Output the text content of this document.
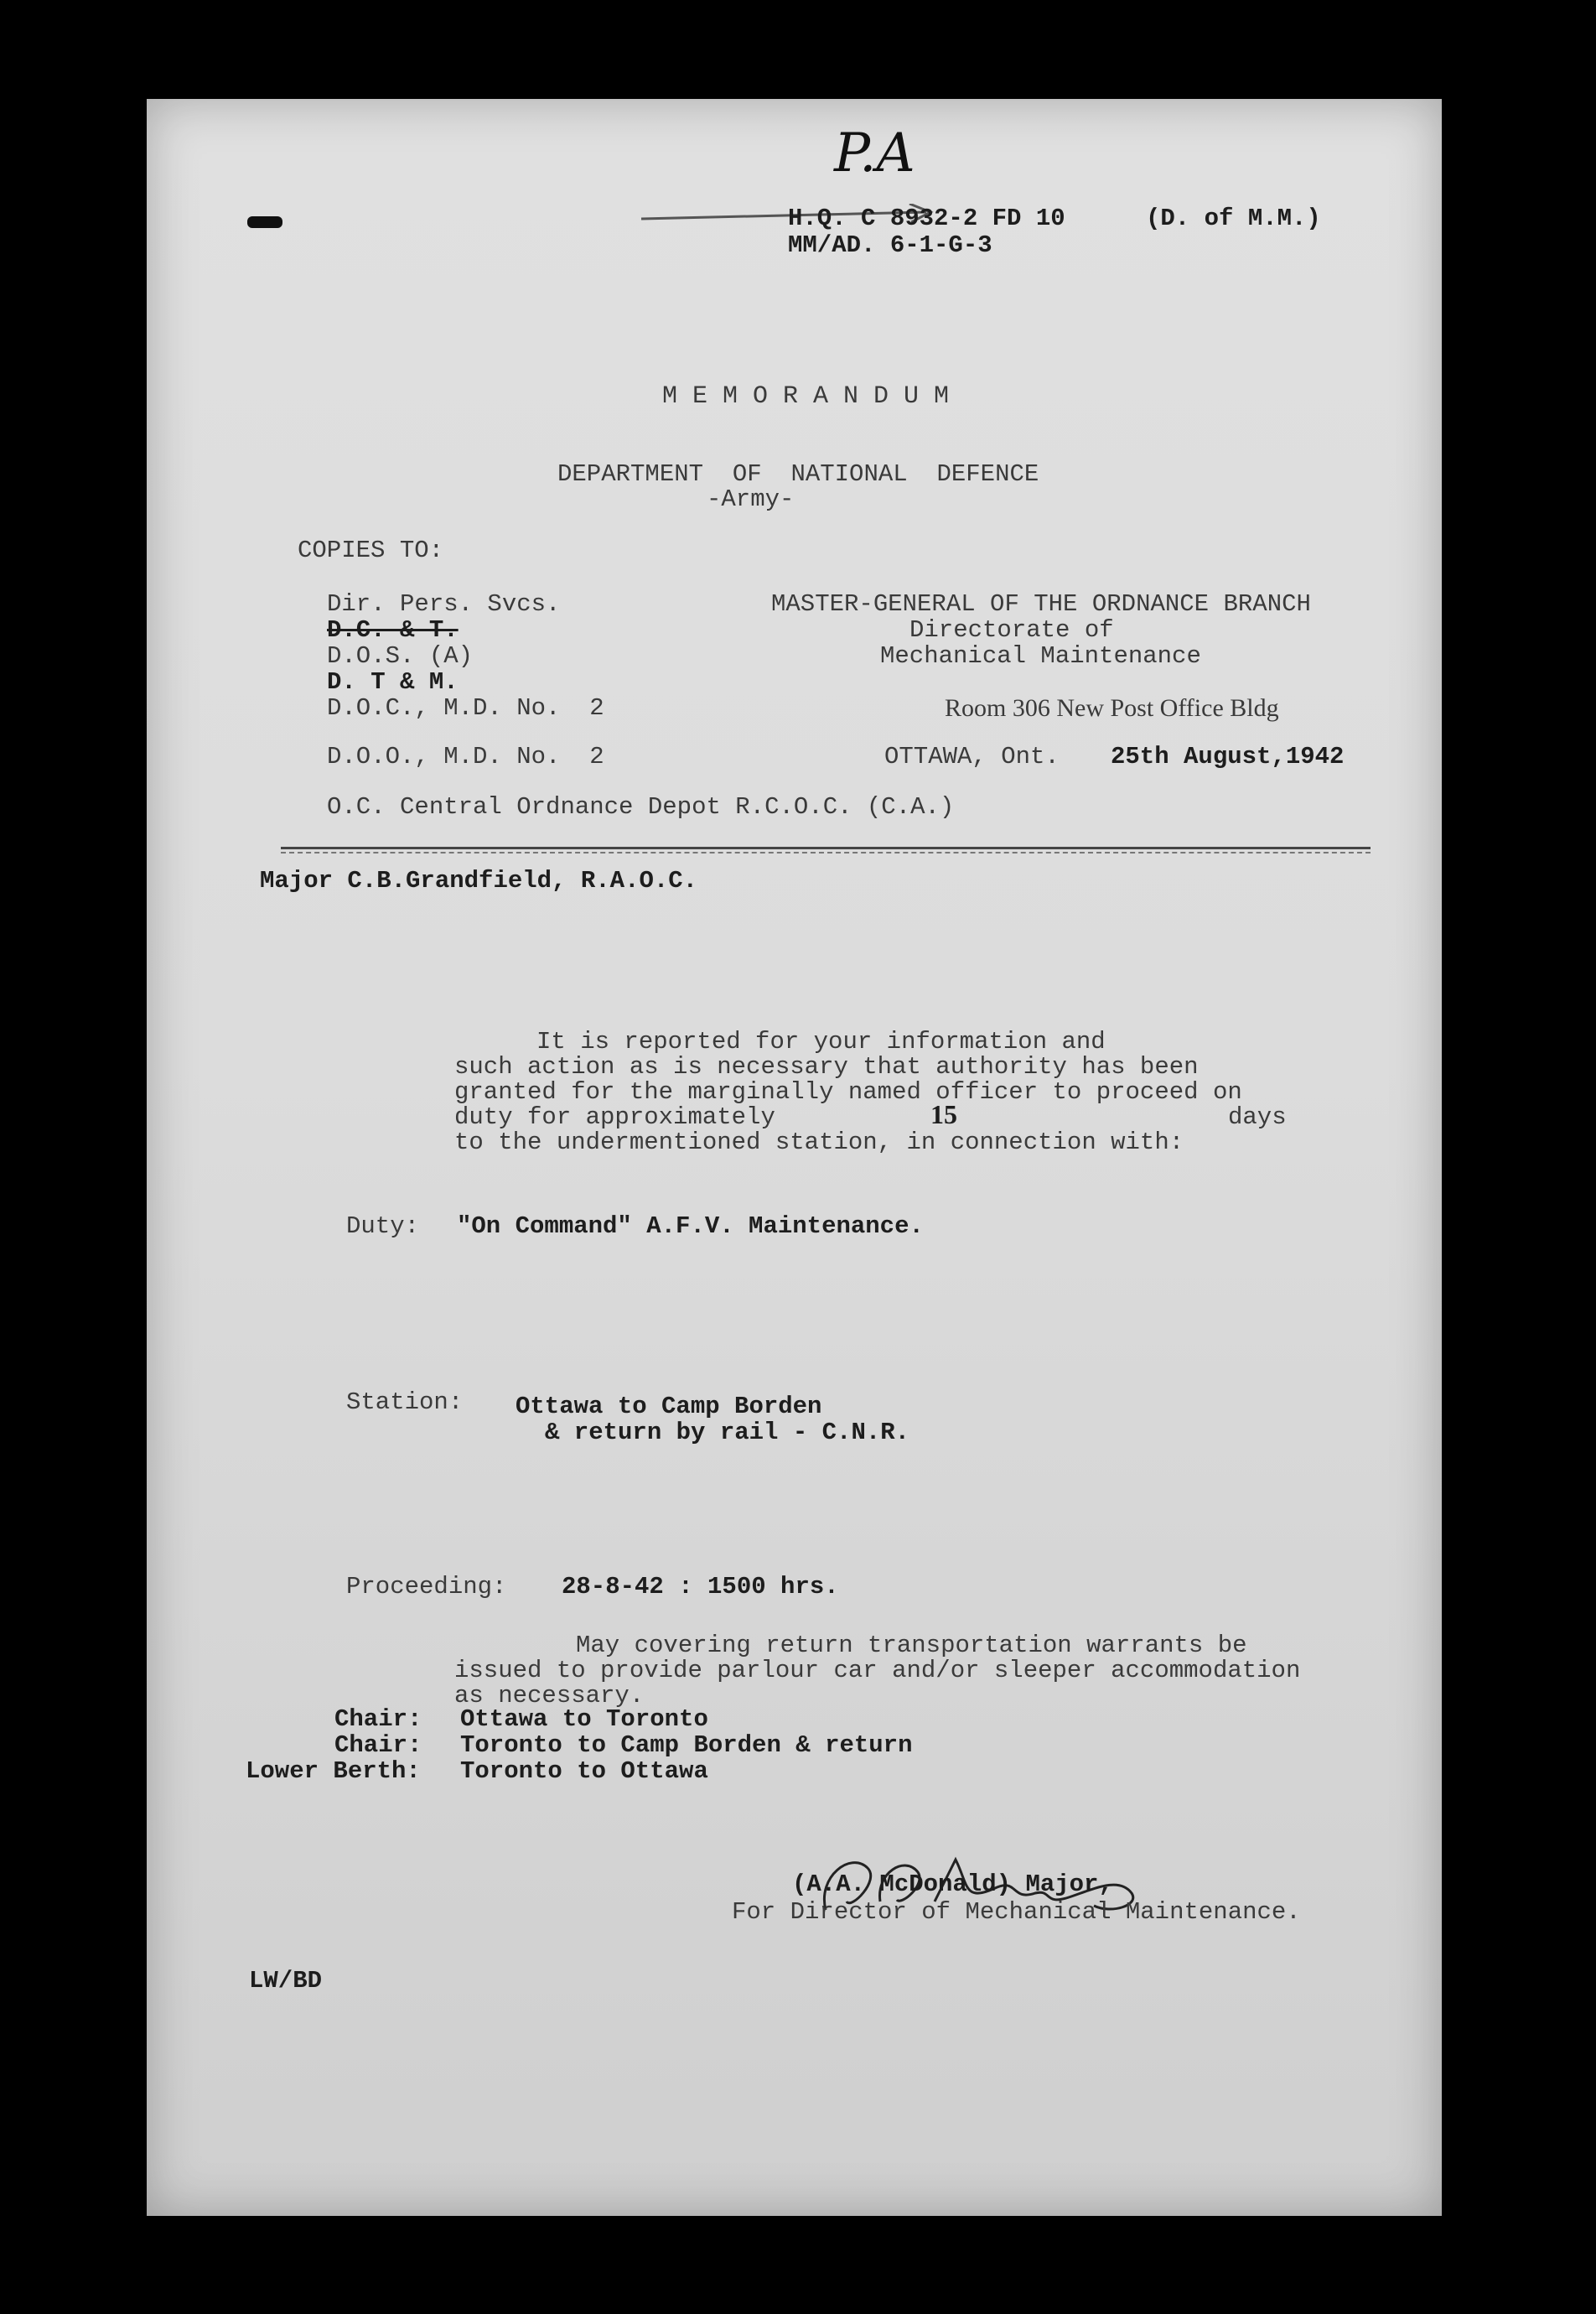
P.A
H.Q. C 8932-2 FD 10	(D. of M.M.)
MM/AD. 6-1-G-3
M E M O R A N D U M
DEPARTMENT  OF  NATIONAL  DEFENCE
-Army-
COPIES TO:
Dir. Pers. Svcs.
D.C. & T.
D.O.S. (A)
D. T & M.
D.O.C., M.D. No.  2
D.O.O., M.D. No.  2
O.C. Central Ordnance Depot R.C.O.C. (C.A.)
MASTER-GENERAL OF THE ORDNANCE BRANCH
Directorate of
Mechanical Maintenance
Room 306 New Post Office Bldg
OTTAWA, Ont. 25th August,1942
Major C.B.Grandfield, R.A.O.C.
It is reported for your information and
such action as is necessary that authority has been
granted for the marginally named officer to proceed on
duty for approximately	15	days
to the undermentioned station, in connection with:
Duty: "On Command" A.F.V. Maintenance.
Station: Ottawa to Camp Borden
& return by rail - C.N.R.
Proceeding: 28-8-42 : 1500 hrs.
May covering return transportation warrants be
issued to provide parlour car and/or sleeper accommodation
as necessary.
Chair: Ottawa to Toronto
Chair: Toronto to Camp Borden & return
Lower Berth: Toronto to Ottawa
(A.A. McDonald) Major,
For Director of Mechanical Maintenance.
LW/BD
